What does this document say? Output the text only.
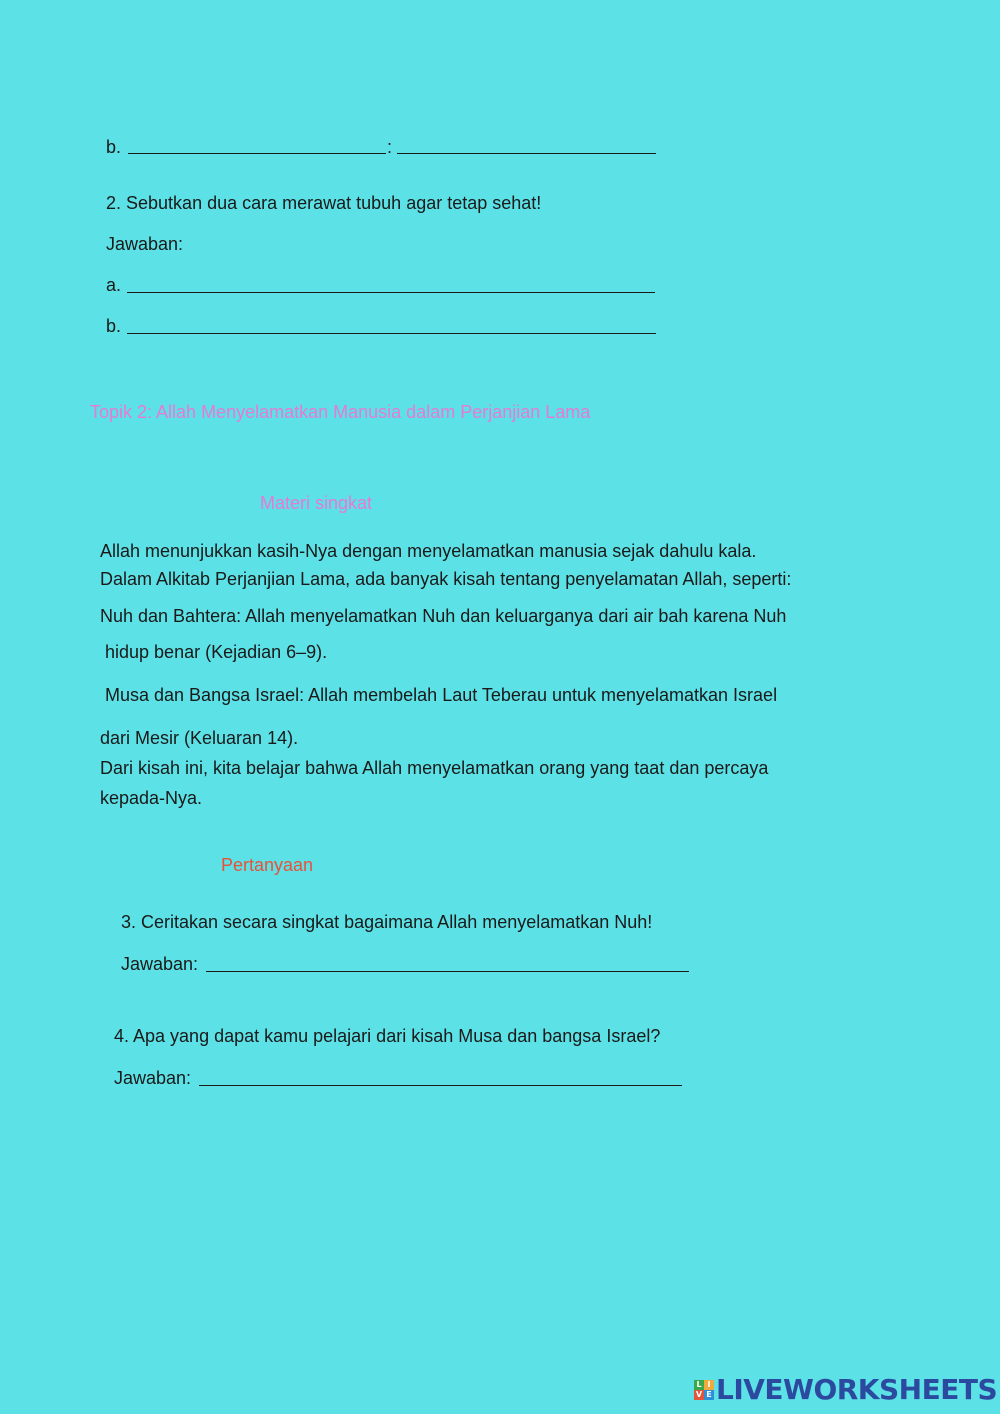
b.	:
2. Sebutkan dua cara merawat tubuh agar tetap sehat!
Jawaban:
a.
b.
Topik 2: Allah Menyelamatkan Manusia dalam Perjanjian Lama
Materi singkat
Allah menunjukkan kasih-Nya dengan menyelamatkan manusia sejak dahulu kala.
Dalam Alkitab Perjanjian Lama, ada banyak kisah tentang penyelamatan Allah, seperti:
Nuh dan Bahtera: Allah menyelamatkan Nuh dan keluarganya dari air bah karena Nuh
hidup benar (Kejadian 6–9).
Musa dan Bangsa Israel: Allah membelah Laut Teberau untuk menyelamatkan Israel
dari Mesir (Keluaran 14).
Dari kisah ini, kita belajar bahwa Allah menyelamatkan orang yang taat dan percaya
kepada-Nya.
Pertanyaan
3. Ceritakan secara singkat bagaimana Allah menyelamatkan Nuh!
Jawaban:
4. Apa yang dapat kamu pelajari dari kisah Musa dan bangsa Israel?
Jawaban:
L I
V E LIVEWORKSHEETS
